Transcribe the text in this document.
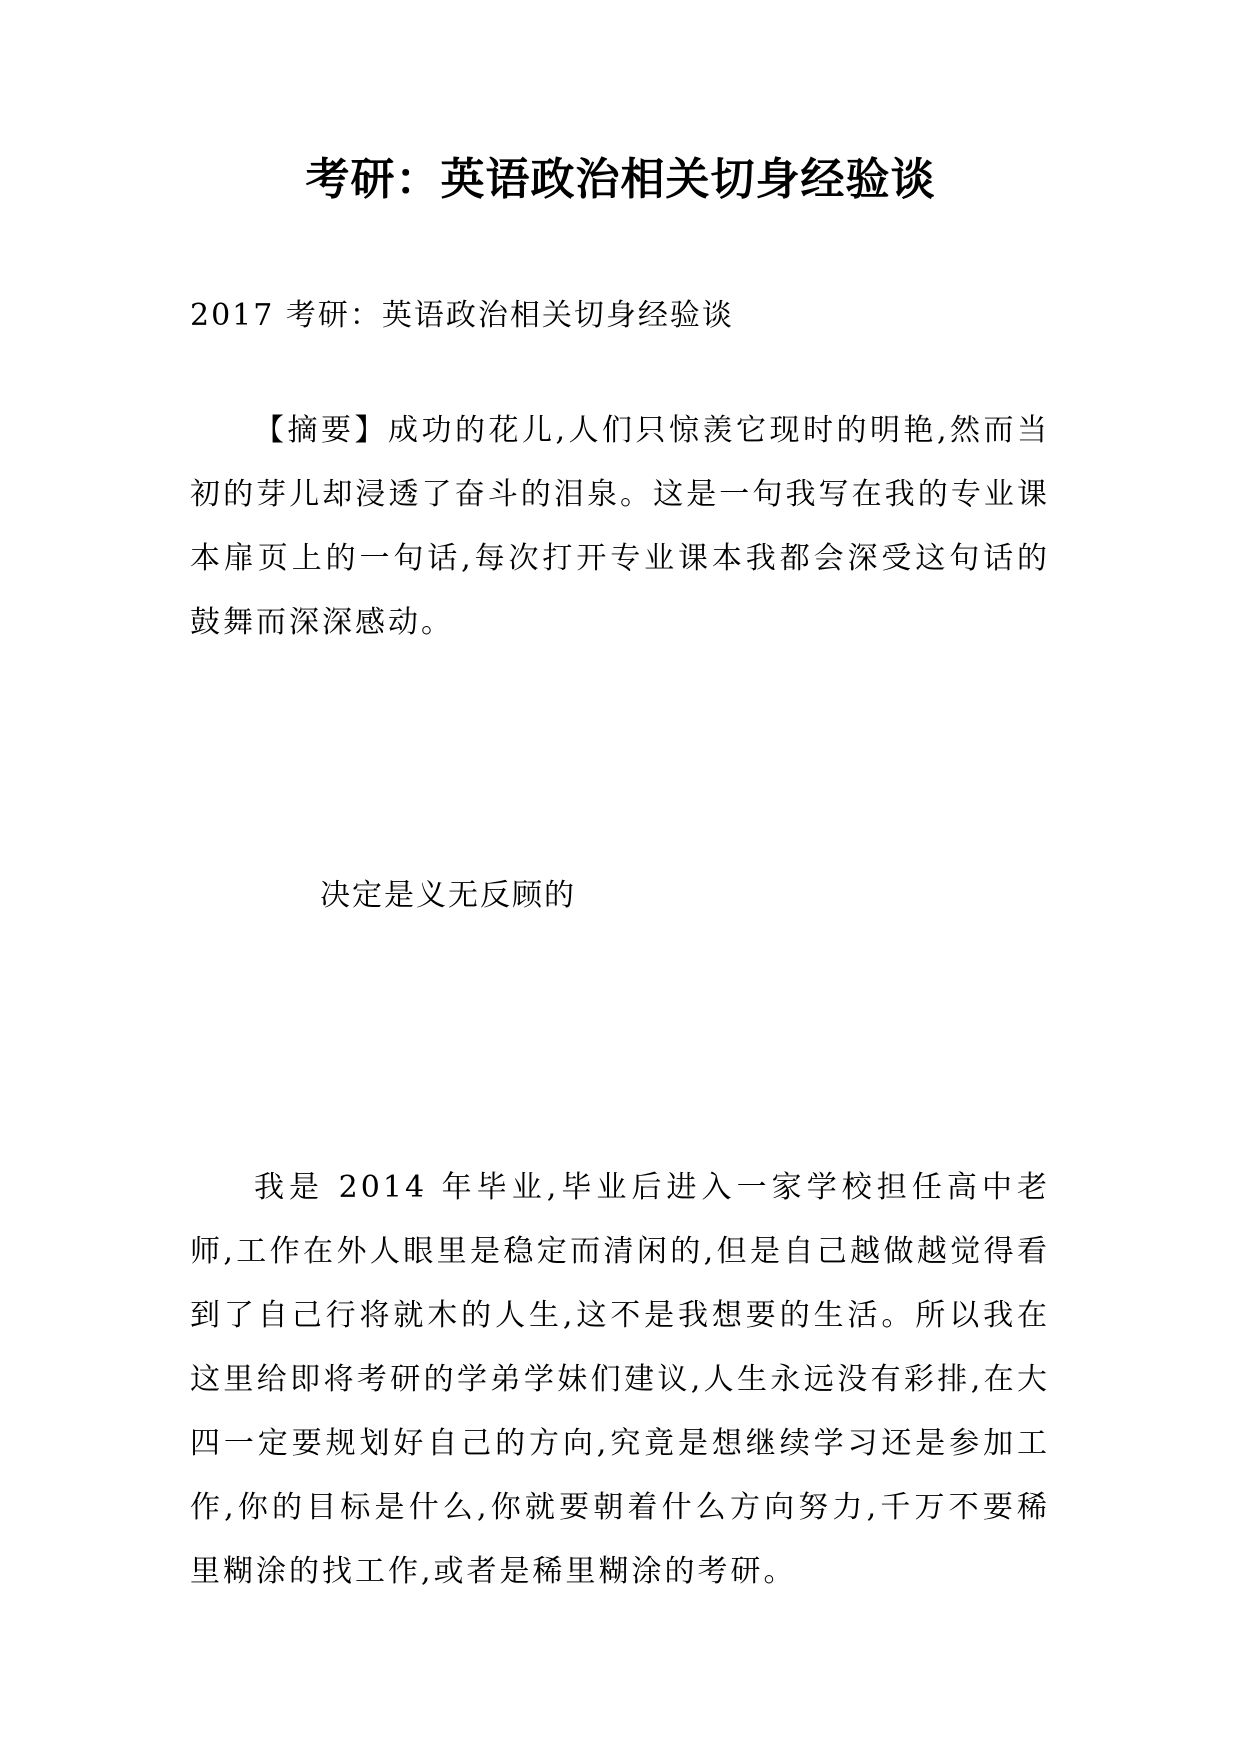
考研：英语政治相关切身经验谈
2017 考研：英语政治相关切身经验谈
【摘要】成功的花儿,人们只惊羡它现时的明艳,然而当初的芽儿却浸透了奋斗的泪泉。这是一句我写在我的专业课本扉页上的一句话,每次打开专业课本我都会深受这句话的鼓舞而深深感动。
决定是义无反顾的
我是 2014 年毕业,毕业后进入一家学校担任高中老师,工作在外人眼里是稳定而清闲的,但是自己越做越觉得看到了自己行将就木的人生,这不是我想要的生活。所以我在这里给即将考研的学弟学妹们建议,人生永远没有彩排,在大四一定要规划好自己的方向,究竟是想继续学习还是参加工作,你的目标是什么,你就要朝着什么方向努力,千万不要稀里糊涂的找工作,或者是稀里糊涂的考研。
